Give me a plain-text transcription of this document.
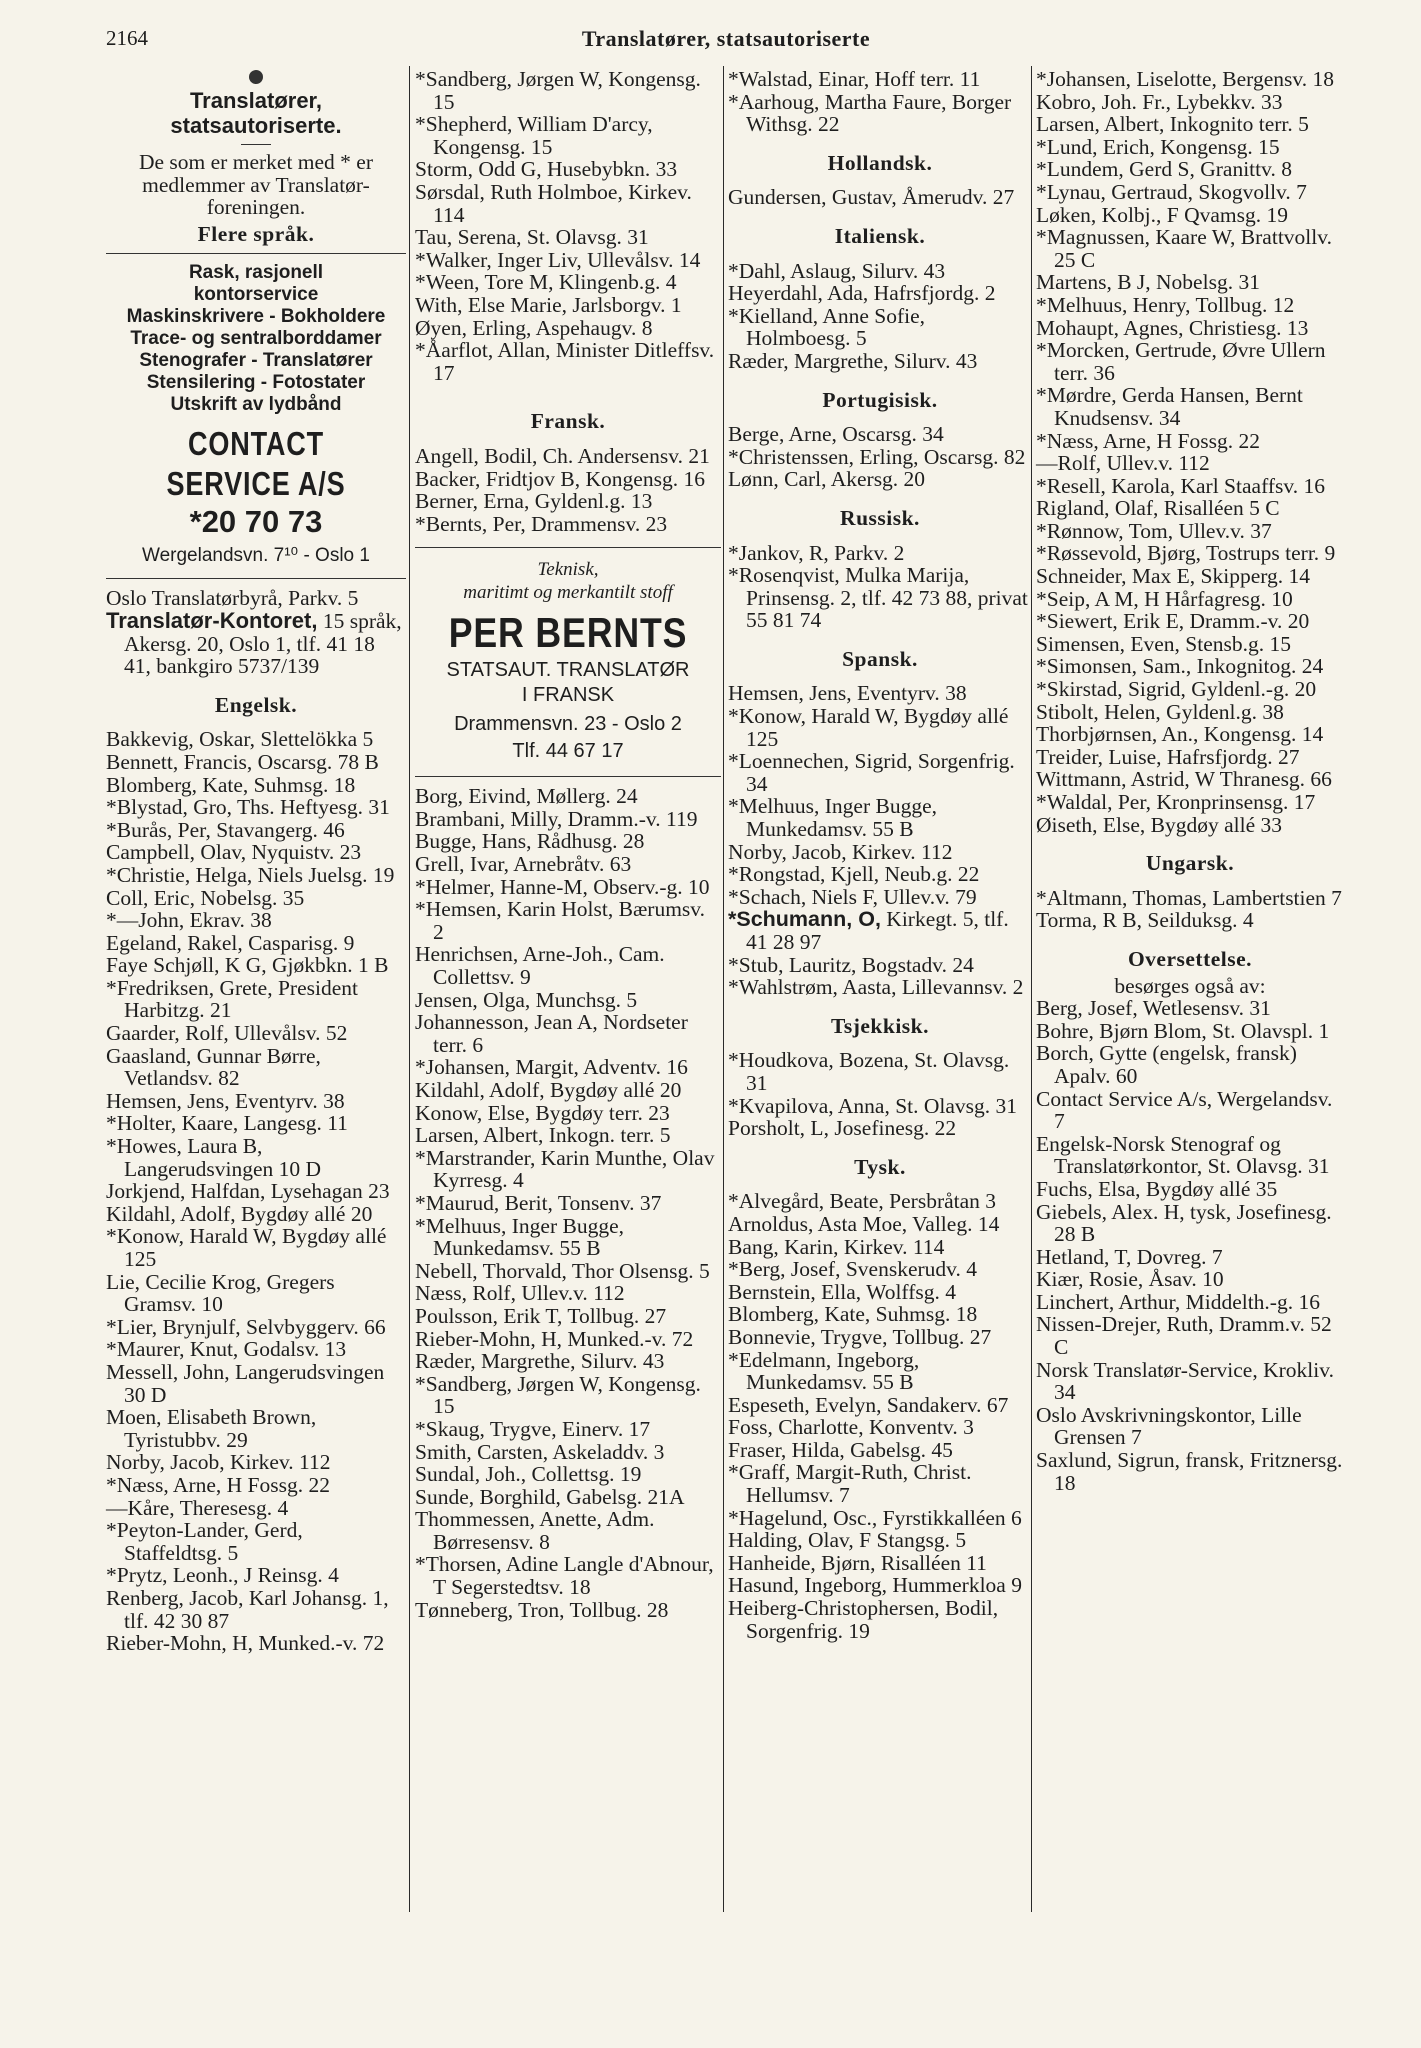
2164	Translatører, statsautoriserte
Translatører,
statsautoriserte.
De som er merket med * er medlemmer av Translatør-foreningen.
Flere språk.
Rask, rasjonell
kontorservice
Maskinskrivere - Bokholdere
Trace- og sentralborddamer
Stenografer - Translatører
Stensilering - Fotostater
Utskrift av lydbånd
CONTACT SERVICE A/S
*20 70 73
Wergelandsvn. 7¹⁰ - Oslo 1
Oslo Translatørbyrå, Parkv. 5
Translatør-Kontoret, 15 språk, Akersg. 20, Oslo 1, tlf. 41 18 41, bankgiro 5737/139
Engelsk.
Bakkevig, Oskar, Slettelökka 5
Bennett, Francis, Oscarsg. 78 B
Blomberg, Kate, Suhmsg. 18
*Blystad, Gro, Ths. Heftyesg. 31
*Burås, Per, Stavangerg. 46
Campbell, Olav, Nyquistv. 23
*Christie, Helga, Niels Juelsg. 19
Coll, Eric, Nobelsg. 35
*—John, Ekrav. 38
Egeland, Rakel, Casparisg. 9
Faye Schjøll, K G, Gjøkbkn. 1 B
*Fredriksen, Grete, President Harbitzg. 21
Gaarder, Rolf, Ullevålsv. 52
Gaasland, Gunnar Børre, Vetlandsv. 82
Hemsen, Jens, Eventyrv. 38
*Holter, Kaare, Langesg. 11
*Howes, Laura B, Langerudsvingen 10 D
Jorkjend, Halfdan, Lysehagan 23
Kildahl, Adolf, Bygdøy allé 20
*Konow, Harald W, Bygdøy allé 125
Lie, Cecilie Krog, Gregers Gramsv. 10
*Lier, Brynjulf, Selvbyggerv. 66
*Maurer, Knut, Godalsv. 13
Messell, John, Langerudsvingen 30 D
Moen, Elisabeth Brown, Tyristubbv. 29
Norby, Jacob, Kirkev. 112
*Næss, Arne, H Fossg. 22
—Kåre, Theresesg. 4
*Peyton-Lander, Gerd, Staffeldtsg. 5
*Prytz, Leonh., J Reinsg. 4
Renberg, Jacob, Karl Johansg. 1, tlf. 42 30 87
Rieber-Mohn, H, Munked.-v. 72
*Sandberg, Jørgen W, Kongensg. 15
*Shepherd, William D'arcy, Kongensg. 15
Storm, Odd G, Husebybkn. 33
Sørsdal, Ruth Holmboe, Kirkev. 114
Tau, Serena, St. Olavsg. 31
*Walker, Inger Liv, Ullevålsv. 14
*Ween, Tore M, Klingenb.g. 4
With, Else Marie, Jarlsborgv. 1
Øyen, Erling, Aspehaugv. 8
*Åarflot, Allan, Minister Ditleffsv. 17
Fransk.
Angell, Bodil, Ch. Andersensv. 21
Backer, Fridtjov B, Kongensg. 16
Berner, Erna, Gyldenl.g. 13
*Bernts, Per, Drammensv. 23
Teknisk,
maritimt og merkantilt stoff
PER BERNTS
STATSAUT. TRANSLATØR
I FRANSK
Drammensvn. 23 - Oslo 2
Tlf. 44 67 17
Borg, Eivind, Møllerg. 24
Brambani, Milly, Dramm.-v. 119
Bugge, Hans, Rådhusg. 28
Grell, Ivar, Arnebråtv. 63
*Helmer, Hanne-M, Observ.-g. 10
*Hemsen, Karin Holst, Bærumsv. 2
Henrichsen, Arne-Joh., Cam. Collettsv. 9
Jensen, Olga, Munchsg. 5
Johannesson, Jean A, Nordseter terr. 6
*Johansen, Margit, Adventv. 16
Kildahl, Adolf, Bygdøy allé 20
Konow, Else, Bygdøy terr. 23
Larsen, Albert, Inkogn. terr. 5
*Marstrander, Karin Munthe, Olav Kyrresg. 4
*Maurud, Berit, Tonsenv. 37
*Melhuus, Inger Bugge, Munkedamsv. 55 B
Nebell, Thorvald, Thor Olsensg. 5
Næss, Rolf, Ullev.v. 112
Poulsson, Erik T, Tollbug. 27
Rieber-Mohn, H, Munked.-v. 72
Ræder, Margrethe, Silurv. 43
*Sandberg, Jørgen W, Kongensg. 15
*Skaug, Trygve, Einerv. 17
Smith, Carsten, Askeladdv. 3
Sundal, Joh., Collettsg. 19
Sunde, Borghild, Gabelsg. 21A
Thommessen, Anette, Adm. Børresensv. 8
*Thorsen, Adine Langle d'Abnour, T Segerstedtsv. 18
Tønneberg, Tron, Tollbug. 28
*Walstad, Einar, Hoff terr. 11
*Aarhoug, Martha Faure, Borger Withsg. 22
Hollandsk.
Gundersen, Gustav, Åmerudv. 27
Italiensk.
*Dahl, Aslaug, Silurv. 43
Heyerdahl, Ada, Hafrsfjordg. 2
*Kielland, Anne Sofie, Holmboesg. 5
Ræder, Margrethe, Silurv. 43
Portugisisk.
Berge, Arne, Oscarsg. 34
*Christenssen, Erling, Oscarsg. 82
Lønn, Carl, Akersg. 20
Russisk.
*Jankov, R, Parkv. 2
*Rosenqvist, Mulka Marija, Prinsensg. 2, tlf. 42 73 88, privat 55 81 74
Spansk.
Hemsen, Jens, Eventyrv. 38
*Konow, Harald W, Bygdøy allé 125
*Loennechen, Sigrid, Sorgenfrig. 34
*Melhuus, Inger Bugge, Munkedamsv. 55 B
Norby, Jacob, Kirkev. 112
*Rongstad, Kjell, Neub.g. 22
*Schach, Niels F, Ullev.v. 79
*Schumann, O, Kirkegt. 5, tlf. 41 28 97
*Stub, Lauritz, Bogstadv. 24
*Wahlstrøm, Aasta, Lillevannsv. 2
Tsjekkisk.
*Houdkova, Bozena, St. Olavsg. 31
*Kvapilova, Anna, St. Olavsg. 31
Porsholt, L, Josefinesg. 22
Tysk.
*Alvegård, Beate, Persbråtan 3
Arnoldus, Asta Moe, Valleg. 14
Bang, Karin, Kirkev. 114
*Berg, Josef, Svenskerudv. 4
Bernstein, Ella, Wolffsg. 4
Blomberg, Kate, Suhmsg. 18
Bonnevie, Trygve, Tollbug. 27
*Edelmann, Ingeborg, Munkedamsv. 55 B
Espeseth, Evelyn, Sandakerv. 67
Foss, Charlotte, Konventv. 3
Fraser, Hilda, Gabelsg. 45
*Graff, Margit-Ruth, Christ. Hellumsv. 7
*Hagelund, Osc., Fyrstikkalléen 6
Halding, Olav, F Stangsg. 5
Hanheide, Bjørn, Risalléen 11
Hasund, Ingeborg, Hummerkloa 9
Heiberg-Christophersen, Bodil, Sorgenfrig. 19
*Johansen, Liselotte, Bergensv. 18
Kobro, Joh. Fr., Lybekkv. 33
Larsen, Albert, Inkognito terr. 5
*Lund, Erich, Kongensg. 15
*Lundem, Gerd S, Granittv. 8
*Lynau, Gertraud, Skogvollv. 7
Løken, Kolbj., F Qvamsg. 19
*Magnussen, Kaare W, Brattvollv. 25 C
Martens, B J, Nobelsg. 31
*Melhuus, Henry, Tollbug. 12
Mohaupt, Agnes, Christiesg. 13
*Morcken, Gertrude, Øvre Ullern terr. 36
*Mørdre, Gerda Hansen, Bernt Knudsensv. 34
*Næss, Arne, H Fossg. 22
—Rolf, Ullev.v. 112
*Resell, Karola, Karl Staaffsv. 16
Rigland, Olaf, Risalléen 5 C
*Rønnow, Tom, Ullev.v. 37
*Røssevold, Bjørg, Tostrups terr. 9
Schneider, Max E, Skipperg. 14
*Seip, A M, H Hårfagresg. 10
*Siewert, Erik E, Dramm.-v. 20
Simensen, Even, Stensb.g. 15
*Simonsen, Sam., Inkognitog. 24
*Skirstad, Sigrid, Gyldenl.-g. 20
Stibolt, Helen, Gyldenl.g. 38
Thorbjørnsen, An., Kongensg. 14
Treider, Luise, Hafrsfjordg. 27
Wittmann, Astrid, W Thranesg. 66
*Waldal, Per, Kronprinsensg. 17
Øiseth, Else, Bygdøy allé 33
Ungarsk.
*Altmann, Thomas, Lambertstien 7
Torma, R B, Seilduksg. 4
Oversettelse.
besørges også av:
Berg, Josef, Wetlesensv. 31
Bohre, Bjørn Blom, St. Olavspl. 1
Borch, Gytte (engelsk, fransk) Apalv. 60
Contact Service A/s, Wergelandsv. 7
Engelsk-Norsk Stenograf og Translatørkontor, St. Olavsg. 31
Fuchs, Elsa, Bygdøy allé 35
Giebels, Alex. H, tysk, Josefinesg. 28 B
Hetland, T, Dovreg. 7
Kiær, Rosie, Åsav. 10
Linchert, Arthur, Middelth.-g. 16
Nissen-Drejer, Ruth, Dramm.v. 52 C
Norsk Translatør-Service, Krokliv. 34
Oslo Avskrivningskontor, Lille Grensen 7
Saxlund, Sigrun, fransk, Fritznersg. 18
